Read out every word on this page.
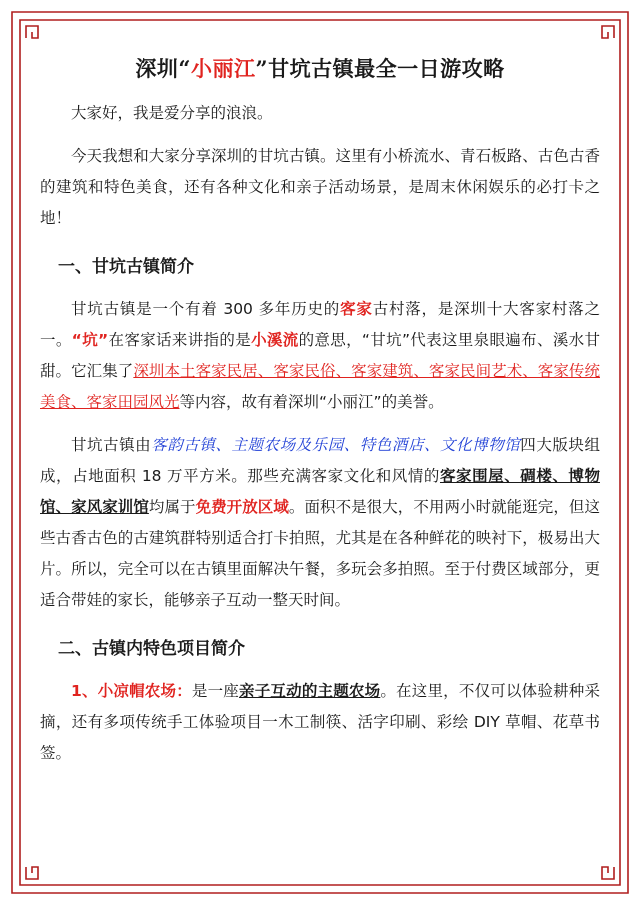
深圳“小丽江”甘坑古镇最全一日游攻略

大家好，我是爱分享的浪浪。

今天我想和大家分享深圳的甘坑古镇。这里有小桥流水、青石板路、古色古香的建筑和特色美食，还有各种文化和亲子活动场景，是周末休闲娱乐的必打卡之地！

一、甘坑古镇简介

甘坑古镇是一个有着 300 多年历史的客家古村落，是深圳十大客家村落之一。“坑”在客家话来讲指的是小溪流的意思，“甘坑”代表这里泉眼遍布、溪水甘甜。它汇集了深圳本土客家民居、客家民俗、客家建筑、客家民间艺术、客家传统美食、客家田园风光等内容，故有着深圳“小丽江”的美誉。

甘坑古镇由客韵古镇、主题农场及乐园、特色酒店、文化博物馆四大版块组成，占地面积 18 万平方米。那些充满客家文化和风情的客家围屋、碉楼、博物馆、家风家训馆均属于免费开放区域。面积不是很大，不用两小时就能逛完，但这些古香古色的古建筑群特别适合打卡拍照，尤其是在各种鲜花的映衬下，极易出大片。所以，完全可以在古镇里面解决午餐，多玩会多拍照。至于付费区域部分，更适合带娃的家长，能够亲子互动一整天时间。

二、古镇内特色项目简介

1、小凉帽农场：是一座亲子互动的主题农场。在这里，不仅可以体验耕种采摘，还有多项传统手工体验项目一木工制筷、活字印刷、彩绘 DIY 草帽、花草书签。
